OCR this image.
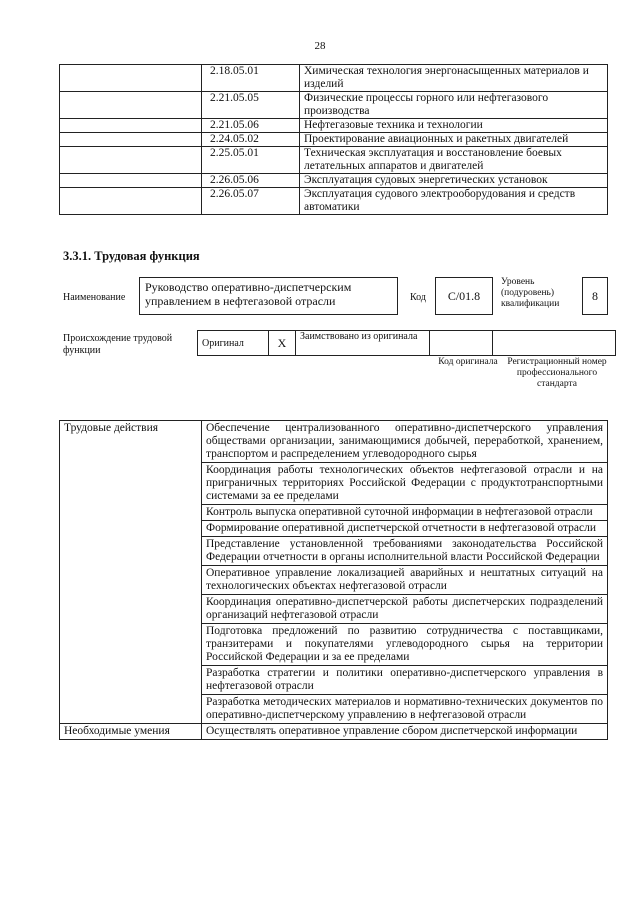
28
	2.18.05.01	Химическая технология энергонасыщенных материалов и изделий
	2.21.05.05	Физические процессы горного или нефтегазового производства
	2.21.05.06	Нефтегазовые техника и технологии
	2.24.05.02	Проектирование авиационных и ракетных двигателей
	2.25.05.01	Техническая эксплуатация и восстановление боевых летательных аппаратов и двигателей
	2.26.05.06	Эксплуатация судовых энергетических установок
	2.26.05.07	Эксплуатация судового электрооборудования и средств автоматики
3.3.1. Трудовая функция
Наименование
Руководство оперативно-диспетчерским управлением в нефтегазовой отрасли	Код	C/01.8
Уровень (подуровень) квалификации
8
Происхождение трудовой функции
Оригинал	X	Заимствовано из оригинала		
Код оригинала Регистрационный номер профессионального стандарта
Трудовые действия	Обеспечение централизованного оперативно-диспетчерского управления обществами организации, занимающимися добычей, переработкой, хранением, транспортом и распределением углеводородного сырья
	Координация работы технологических объектов нефтегазовой отрасли и на приграничных территориях Российской Федерации с продуктотранспортными системами за ее пределами
	Контроль выпуска оперативной суточной информации в нефтегазовой отрасли
	Формирование оперативной диспетчерской отчетности в нефтегазовой отрасли
	Представление установленной требованиями законодательства Российской Федерации отчетности в органы исполнительной власти Российской Федерации
	Оперативное управление локализацией аварийных и нештатных ситуаций на технологических объектах нефтегазовой отрасли
	Координация оперативно-диспетчерской работы диспетчерских подразделений организаций нефтегазовой отрасли
	Подготовка предложений по развитию сотрудничества с поставщиками, транзитерами и покупателями углеводородного сырья на территории Российской Федерации и за ее пределами
	Разработка стратегии и политики оперативно-диспетчерского управления в нефтегазовой отрасли
	Разработка методических материалов и нормативно-технических документов по оперативно-диспетчерскому управлению в нефтегазовой отрасли
Необходимые умения	Осуществлять оперативное управление сбором диспетчерской информации
